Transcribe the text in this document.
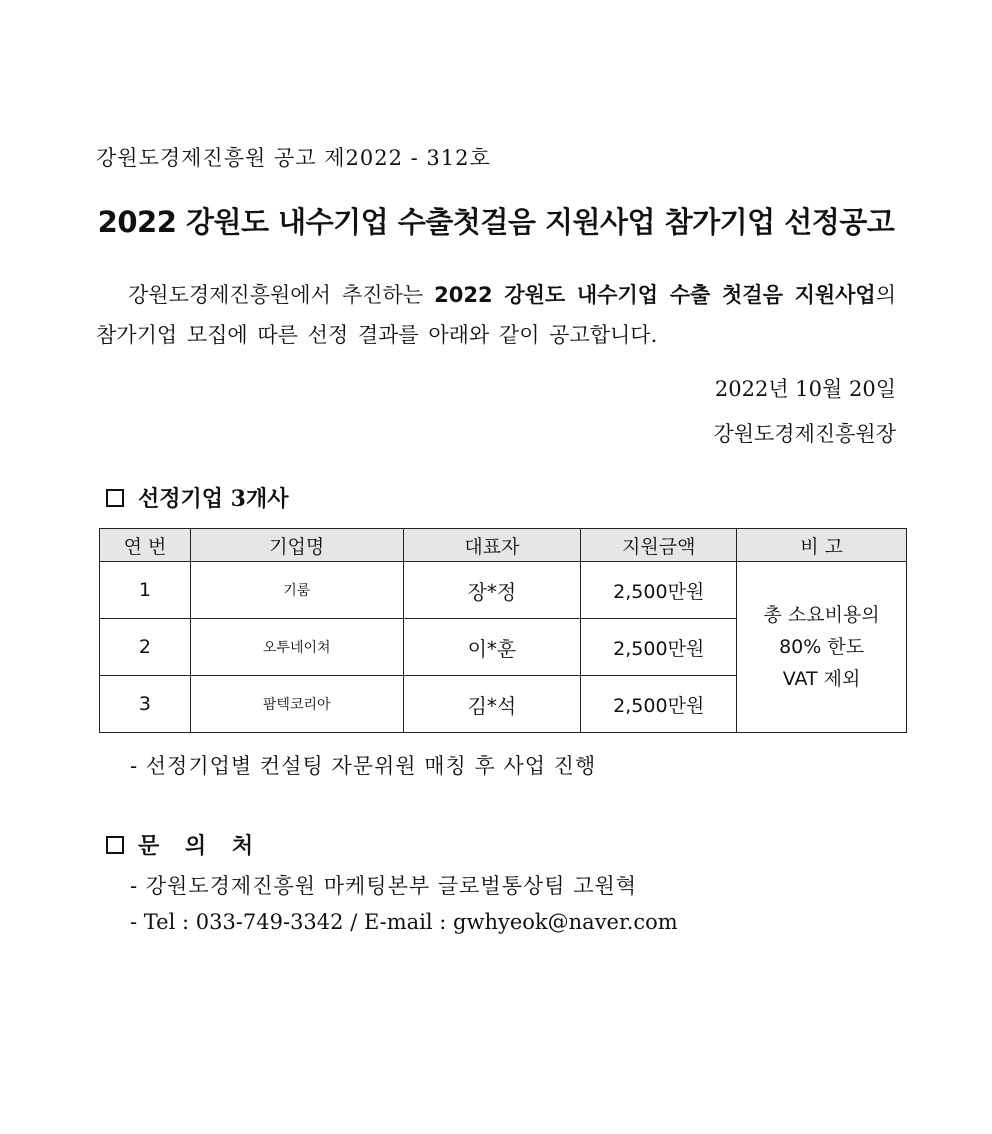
강원도경제진흥원 공고 제2022 - 312호
2022 강원도 내수기업 수출첫걸음 지원사업 참가기업 선정공고
강원도경제진흥원에서 추진하는 2022 강원도 내수기업 수출 첫걸음 지원사업의 참가기업 모집에 따른 선정 결과를 아래와 같이 공고합니다.
2022년 10월 20일
강원도경제진흥원장
선정기업 3개사
연 번	기업명	대표자	지원금액	비 고
1	기룸	장*정	2,500만원	총 소요비용의
80% 한도
VAT 제외

2	오투네이쳐	이*훈	2,500만원	
3	팜텍코리아	김*석	2,500만원	
- 선정기업별 컨설팅 자문위원 매칭 후 사업 진행
문 의 처
- 강원도경제진흥원 마케팅본부 글로벌통상팀 고원혁
- Tel : 033-749-3342 / E-mail : gwhyeok@naver.com
